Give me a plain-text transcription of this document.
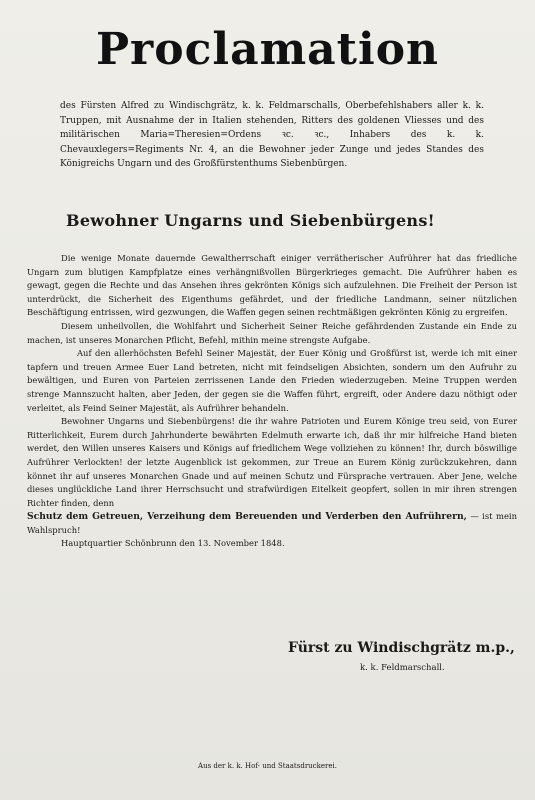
Proclamation
des Fürsten Alfred zu Windischgrätz, k. k. Feldmarschalls, Oberbefehlshabers aller k. k. Truppen, mit Ausnahme der in Italien stehenden, Ritters des goldenen Vliesses und des militärischen Maria=Theresien=Ordens ꝛc. ꝛc., Inhabers des k. k. Chevauxlegers=Regiments Nr. 4, an die Bewohner jeder Zunge und jedes Standes des Königreichs Ungarn und des Großfürstenthums Siebenbürgen.
Bewohner Ungarns und Siebenbürgens!

Die wenige Monate dauernde Gewaltherrschaft einiger verrätherischer Aufrührer hat das friedliche Ungarn zum blutigen Kampfplatze eines verhängnißvollen Bürgerkrieges gemacht. Die Aufrührer haben es gewagt, gegen die Rechte und das Ansehen ihres gekrönten Königs sich aufzulehnen. Die Freiheit der Person ist unterdrückt, die Sicherheit des Eigenthums gefährdet, und der friedliche Landmann, seiner nützlichen Beschäftigung entrissen, wird gezwungen, die Waffen gegen seinen rechtmäßigen gekrönten König zu ergreifen.

Diesem unheilvollen, die Wohlfahrt und Sicherheit Seiner Reiche gefährdenden Zustande ein Ende zu machen, ist unseres Monarchen Pflicht, Befehl, mithin meine strengste Aufgabe.

Auf den allerhöchsten Befehl Seiner Majestät, der Euer König und Großfürst ist, werde ich mit einer tapfern und treuen Armee Euer Land betreten, nicht mit feindseligen Absichten, sondern um den Aufruhr zu bewältigen, und Euren von Parteien zerrissenen Lande den Frieden wiederzugeben. Meine Truppen werden strenge Mannszucht halten, aber Jeden, der gegen sie die Waffen führt, ergreift, oder Andere dazu nöthigt oder verleitet, als Feind Seiner Majestät, als Aufrührer behandeln.

Bewohner Ungarns und Siebenbürgens! die ihr wahre Patrioten und Eurem Könige treu seid, von Eurer Ritterlichkeit, Eurem durch Jahrhunderte bewährten Edelmuth erwarte ich, daß ihr mir hilfreiche Hand bieten werdet, den Willen unseres Kaisers und Königs auf friedlichem Wege vollziehen zu können! Ihr, durch böswillige Aufrührer Verlockten! der letzte Augenblick ist gekommen, zur Treue an Eurem König zurückzukehren, dann könnet ihr auf unseres Monarchen Gnade und auf meinen Schutz und Fürsprache vertrauen. Aber Jene, welche dieses unglückliche Land ihrer Herrschsucht und strafwürdigen Eitelkeit geopfert, sollen in mir ihren strengen Richter finden, denn

Schutz dem Getreuen, Verzeihung dem Bereuenden und Verderben den Aufrührern, — ist mein Wahlspruch!

Hauptquartier Schönbrunn den 13. November 1848.

Fürst zu Windischgrätz m.p.,
k. k. Feldmarschall.
Aus der k. k. Hof- und Staatsdruckerei.
